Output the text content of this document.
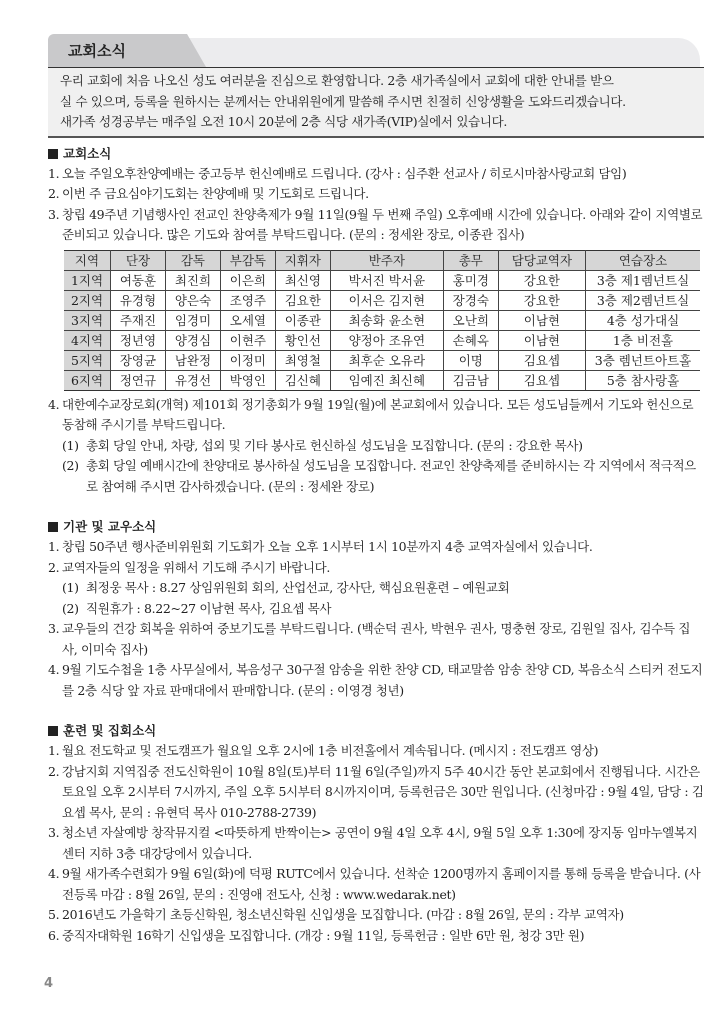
교회소식
우리 교회에 처음 나오신 성도 여러분을 진심으로 환영합니다. 2층 새가족실에서 교회에 대한 안내를 받으
실 수 있으며, 등록을 원하시는 분께서는 안내위원에게 말씀해 주시면 친절히 신앙생활을 도와드리겠습니다.
새가족 성경공부는 매주일 오전 10시 20분에 2층 식당 새가족(VIP)실에서 있습니다.
교회소식
1. 오늘 주일오후찬양예배는 중고등부 헌신예배로 드립니다. (강사 : 심주환 선교사 / 히로시마참사랑교회 담임)
2. 이번 주 금요심야기도회는 찬양예배 및 기도회로 드립니다.
3. 창립 49주년 기념행사인 전교인 찬양축제가 9월 11일(9월 두 번째 주일) 오후예배 시간에 있습니다. 아래와 같이 지역별로 준비되고 있습니다. 많은 기도와 참여를 부탁드립니다. (문의 : 정세완 장로, 이종관 집사)
지역	단장	감독	부감독	지휘자	반주자	총무	담당교역자	연습장소
1지역	여동훈	최진희	이은희	최신영	박서진 박서윤	홍미경	강요한	3층 제1렘넌트실
2지역	유경형	양은숙	조영주	김요한	이서은 김지현	장경숙	강요한	3층 제2렘넌트실
3지역	주재진	임경미	오세열	이종관	최송화 윤소현	오난희	이남현	4층 성가대실
4지역	정년영	양경심	이현주	황인선	양정아 조유연	손혜옥	이남현	1층 비전홀
5지역	장영균	남완정	이정미	최영철	최후순 오유라	이명	김요셉	3층 렘넌트아트홀
6지역	정연규	유경선	박영인	김신혜	임예진 최신혜	김금남	김요셉	5층 참사랑홀
4. 대한예수교장로회(개혁) 제101회 정기총회가 9월 19일(월)에 본교회에서 있습니다. 모든 성도님들께서 기도와 헌신으로 동참해 주시기를 부탁드립니다.
(1) 총회 당일 안내, 차량, 섭외 및 기타 봉사로 헌신하실 성도님을 모집합니다. (문의 : 강요한 목사)
(2) 총회 당일 예배시간에 찬양대로 봉사하실 성도님을 모집합니다. 전교인 찬양축제를 준비하시는 각 지역에서 적극적으로 참여해 주시면 감사하겠습니다. (문의 : 정세완 장로)
기관 및 교우소식
1. 창립 50주년 행사준비위원회 기도회가 오늘 오후 1시부터 1시 10분까지 4층 교역자실에서 있습니다.
2. 교역자들의 일정을 위해서 기도해 주시기 바랍니다.
(1) 최정웅 목사 : 8.27 상임위원회 회의, 산업선교, 강사단, 핵심요원훈련 – 예원교회
(2) 직원휴가 : 8.22~27 이남현 목사, 김요셉 목사
3. 교우들의 건강 회복을 위하여 중보기도를 부탁드립니다. (백순덕 권사, 박현우 권사, 명충현 장로, 김원일 집사, 김수득 집사, 이미숙 집사)
4. 9월 기도수첩을 1층 사무실에서, 복음성구 30구절 암송을 위한 찬양 CD, 태교말씀 암송 찬양 CD, 복음소식 스티커 전도지를 2층 식당 앞 자료 판매대에서 판매합니다. (문의 : 이영경 청년)
훈련 및 집회소식
1. 월요 전도학교 및 전도캠프가 월요일 오후 2시에 1층 비전홀에서 계속됩니다. (메시지 : 전도캠프 영상)
2. 강남지회 지역집중 전도신학원이 10월 8일(토)부터 11월 6일(주일)까지 5주 40시간 동안 본교회에서 진행됩니다. 시간은 토요일 오후 2시부터 7시까지, 주일 오후 5시부터 8시까지이며, 등록헌금은 30만 원입니다. (신청마감 : 9월 4일, 담당 : 김요셉 목사, 문의 : 유현덕 목사 010-2788-2739)
3. 청소년 자살예방 창작뮤지컬 <따뜻하게 반짝이는> 공연이 9월 4일 오후 4시, 9월 5일 오후 1:30에 장지동 임마누엘복지센터 지하 3층 대강당에서 있습니다.
4. 9월 새가족수련회가 9월 6일(화)에 덕평 RUTC에서 있습니다. 선착순 1200명까지 홈페이지를 통해 등록을 받습니다. (사전등록 마감 : 8월 26일, 문의 : 진영애 전도사, 신청 : www.wedarak.net)
5. 2016년도 가을학기 초등신학원, 청소년신학원 신입생을 모집합니다. (마감 : 8월 26일, 문의 : 각부 교역자)
6. 중직자대학원 16학기 신입생을 모집합니다. (개강 : 9월 11일, 등록헌금 : 일반 6만 원, 청강 3만 원)
4
